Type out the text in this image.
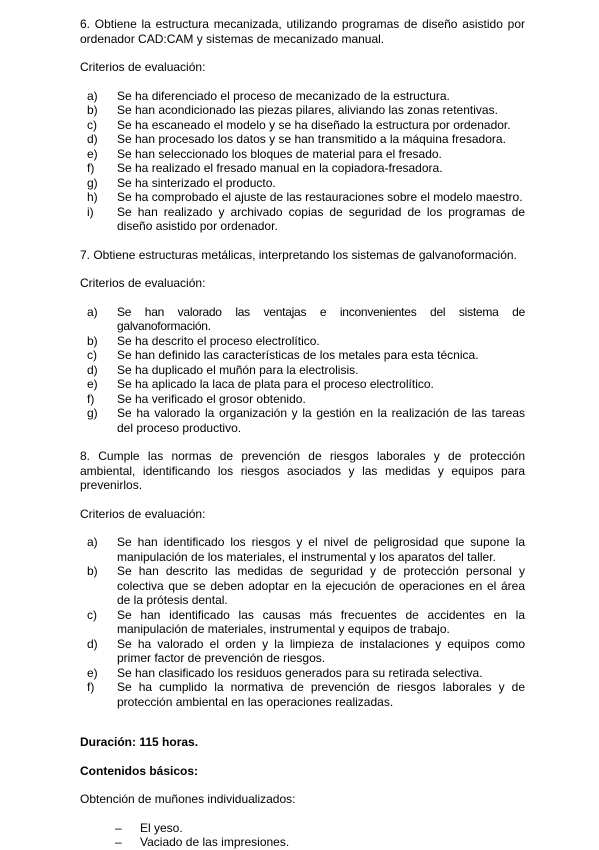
6. Obtiene la estructura mecanizada, utilizando programas de diseño asistido por ordenador CAD:CAM y sistemas de mecanizado manual.

Criterios de evaluación:

a) Se ha diferenciado el proceso de mecanizado de la estructura.
b) Se han acondicionado las piezas pilares, aliviando las zonas retentivas.
c) Se ha escaneado el modelo y se ha diseñado la estructura por ordenador.
d) Se han procesado los datos y se han transmitido a la máquina fresadora.
e) Se han seleccionado los bloques de material para el fresado.
f) Se ha realizado el fresado manual en la copiadora-fresadora.
g) Se ha sinterizado el producto.
h) Se ha comprobado el ajuste de las restauraciones sobre el modelo maestro.
i) Se han realizado y archivado copias de seguridad de los programas de diseño asistido por ordenador.

7. Obtiene estructuras metálicas, interpretando los sistemas de galvanoformación.

Criterios de evaluación:

a) Se han valorado las ventajas e inconvenientes del sistema de galvanoformación.
b) Se ha descrito el proceso electrolítico.
c) Se han definido las características de los metales para esta técnica.
d) Se ha duplicado el muñón para la electrolisis.
e) Se ha aplicado la laca de plata para el proceso electrolítico.
f) Se ha verificado el grosor obtenido.
g) Se ha valorado la organización y la gestión en la realización de las tareas del proceso productivo.

8. Cumple las normas de prevención de riesgos laborales y de protección ambiental, identificando los riesgos asociados y las medidas y equipos para prevenirlos.

Criterios de evaluación:

a) Se han identificado los riesgos y el nivel de peligrosidad que supone la manipulación de los materiales, el instrumental y los aparatos del taller.
b) Se han descrito las medidas de seguridad y de protección personal y colectiva que se deben adoptar en la ejecución de operaciones en el área de la prótesis dental.
c) Se han identificado las causas más frecuentes de accidentes en la manipulación de materiales, instrumental y equipos de trabajo.
d) Se ha valorado el orden y la limpieza de instalaciones y equipos como primer factor de prevención de riesgos.
e) Se han clasificado los residuos generados para su retirada selectiva.
f) Se ha cumplido la normativa de prevención de riesgos laborales y de protección ambiental en las operaciones realizadas.

Duración: 115 horas.

Contenidos básicos:

Obtención de muñones individualizados:

– El yeso.
– Vaciado de las impresiones.
